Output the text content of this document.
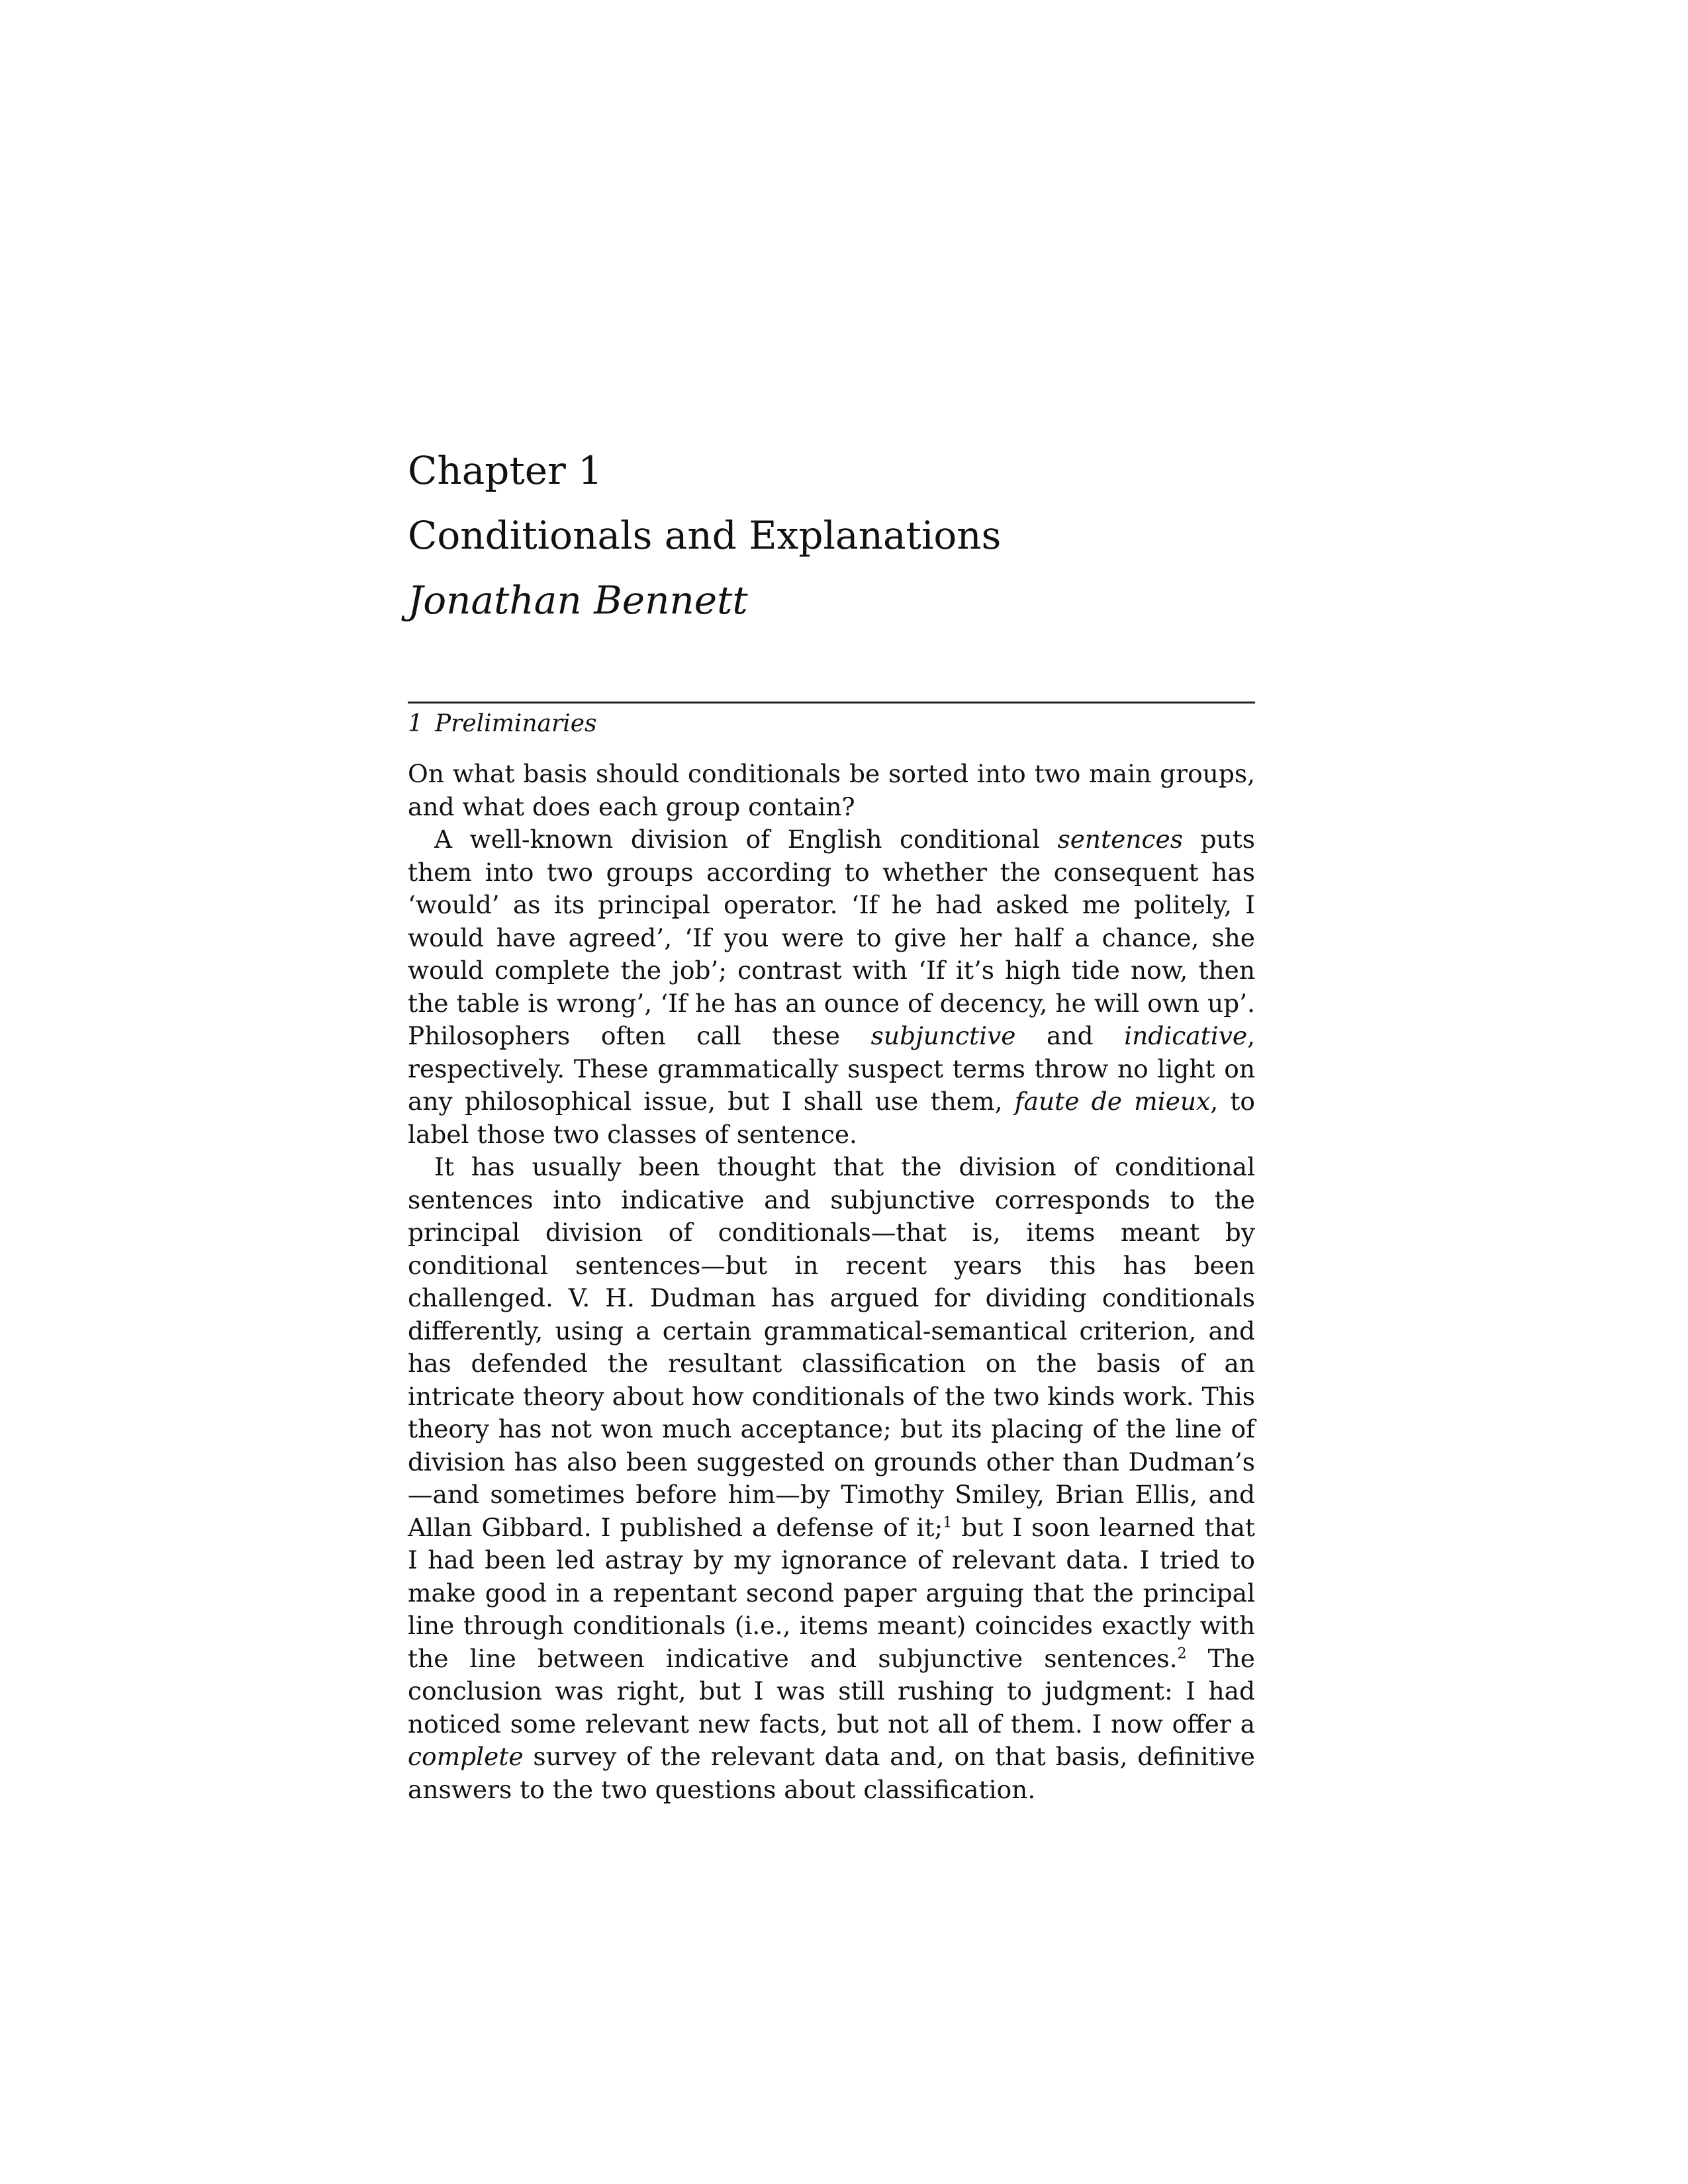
Chapter 1
Conditionals and Explanations
Jonathan Bennett
1 Preliminaries

On what basis should conditionals be sorted into two main groups, and what does each group contain?

A well-known division of English conditional sentences puts them into two groups according to whether the consequent has ‘would’ as its principal operator. ‘If he had asked me politely, I would have agreed’, ‘If you were to give her half a chance, she would complete the job’; contrast with ‘If it’s high tide now, then the table is wrong’, ‘If he has an ounce of decency, he will own up’. Philosophers often call these subjunctive and indicative, respectively. These grammatically suspect terms throw no light on any philosophical issue, but I shall use them, faute de mieux, to label those two classes of sentence.

It has usually been thought that the division of conditional sentences into indicative and subjunctive corresponds to the principal division of conditionals—that is, items meant by conditional sentences—but in recent years this has been challenged. V. H. Dudman has argued for dividing conditionals differently, using a certain grammatical-semantical criterion, and has defended the resultant classification on the basis of an intricate theory about how conditionals of the two kinds work. This theory has not won much acceptance; but its placing of the line of division has also been suggested on grounds other than Dudman’s—and sometimes before him—by Timothy Smiley, Brian Ellis, and Allan Gibbard. I published a defense of it;$^1$ but I soon learned that I had been led astray by my ignorance of relevant data. I tried to make good in a repentant second paper arguing that the principal line through conditionals (i.e., items meant) coincides exactly with the line between indicative and subjunctive sentences.$^2$ The conclusion was right, but I was still rushing to judgment: I had noticed some relevant new facts, but not all of them. I now offer a complete survey of the relevant data and, on that basis, definitive answers to the two questions about classification.
